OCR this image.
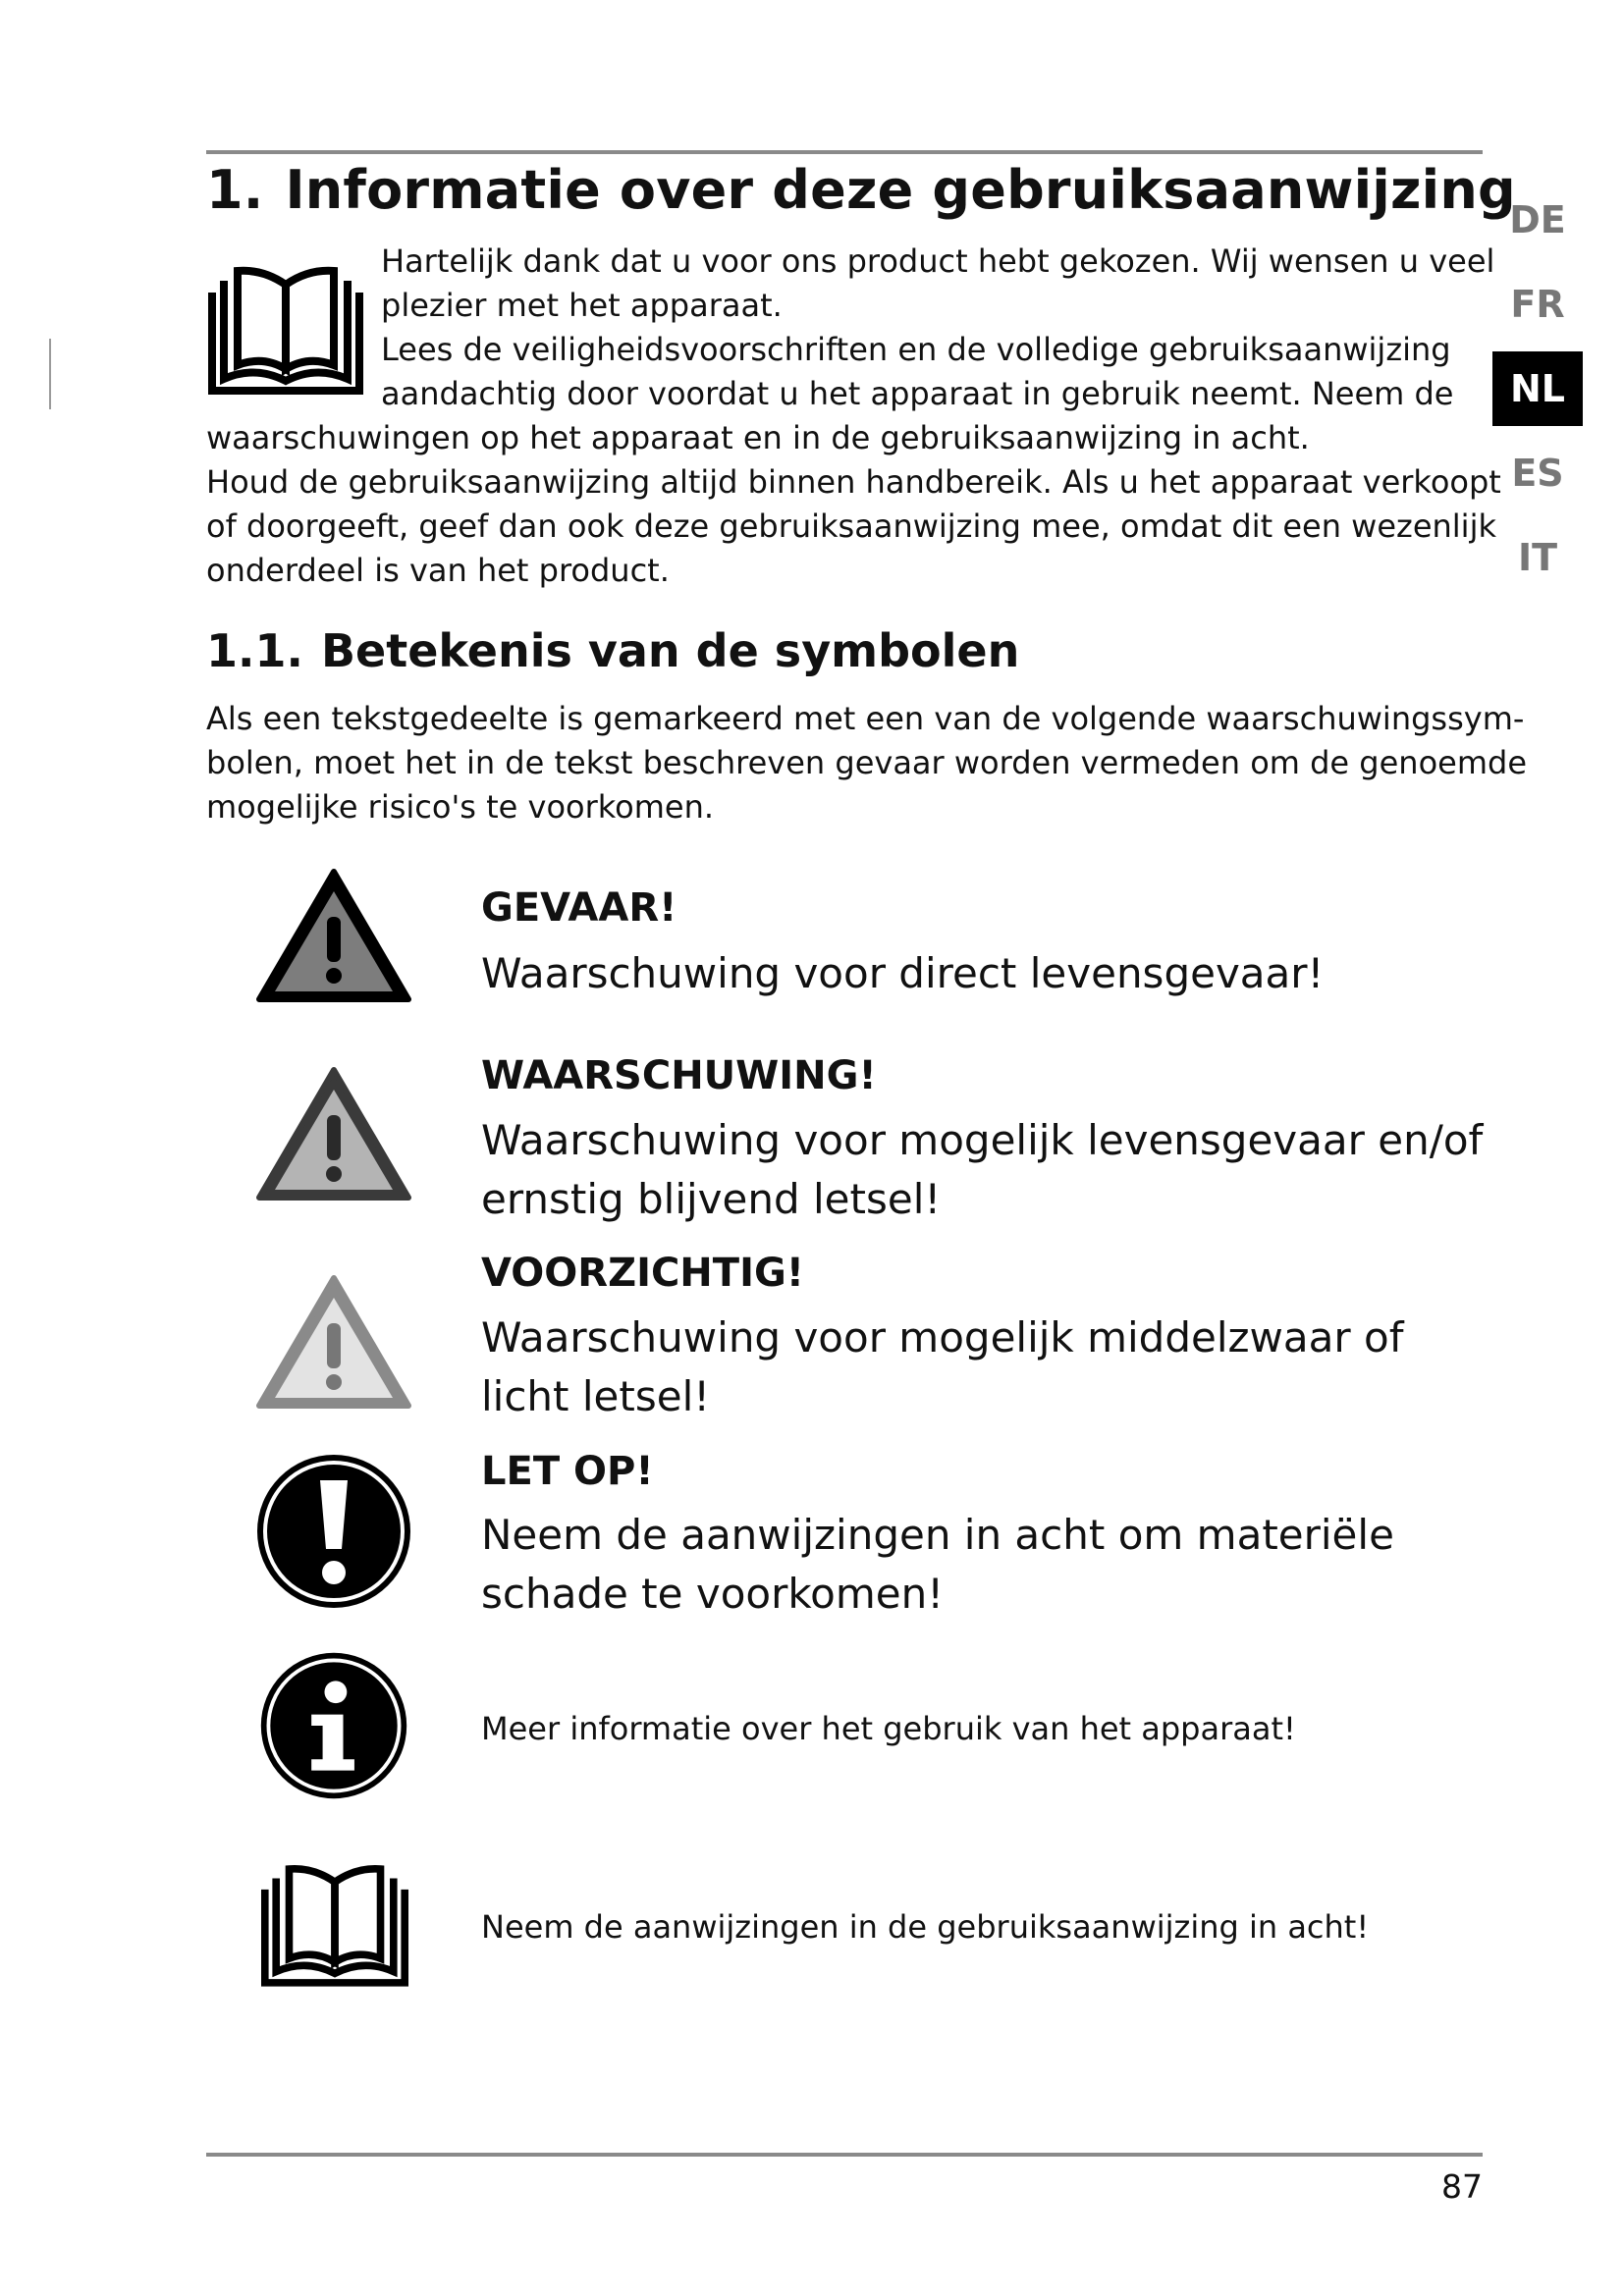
1. Informatie over deze gebruiksaanwijzing

Hartelijk dank dat u voor ons product hebt gekozen. Wij wensen u veel

plezier met het apparaat.

Lees de veiligheidsvoorschriften en de volledige gebruiksaanwijzing

aandachtig door voordat u het apparaat in gebruik neemt. Neem de

waarschuwingen op het apparaat en in de gebruiksaanwijzing in acht.

Houd de gebruiksaanwijzing altijd binnen handbereik. Als u het apparaat verkoopt

of doorgeeft, geef dan ook deze gebruiksaanwijzing mee, omdat dit een wezenlijk

onderdeel is van het product.

1.1. Betekenis van de symbolen

Als een tekstgedeelte is gemarkeerd met een van de volgende waarschuwingssym-

bolen, moet het in de tekst beschreven gevaar worden vermeden om de genoemde

mogelijke risico's te voorkomen.

DE
FR
NL
ES
IT
GEVAAR!

Waarschuwing voor direct levensgevaar!

WAARSCHUWING!

Waarschuwing voor mogelijk levensgevaar en/of

ernstig blijvend letsel!

VOORZICHTIG!

Waarschuwing voor mogelijk middelzwaar of

licht letsel!

LET OP!

Neem de aanwijzingen in acht om materiële

schade te voorkomen!

Meer informatie over het gebruik van het apparaat!
Neem de aanwijzingen in de gebruiksaanwijzing in acht!
87
